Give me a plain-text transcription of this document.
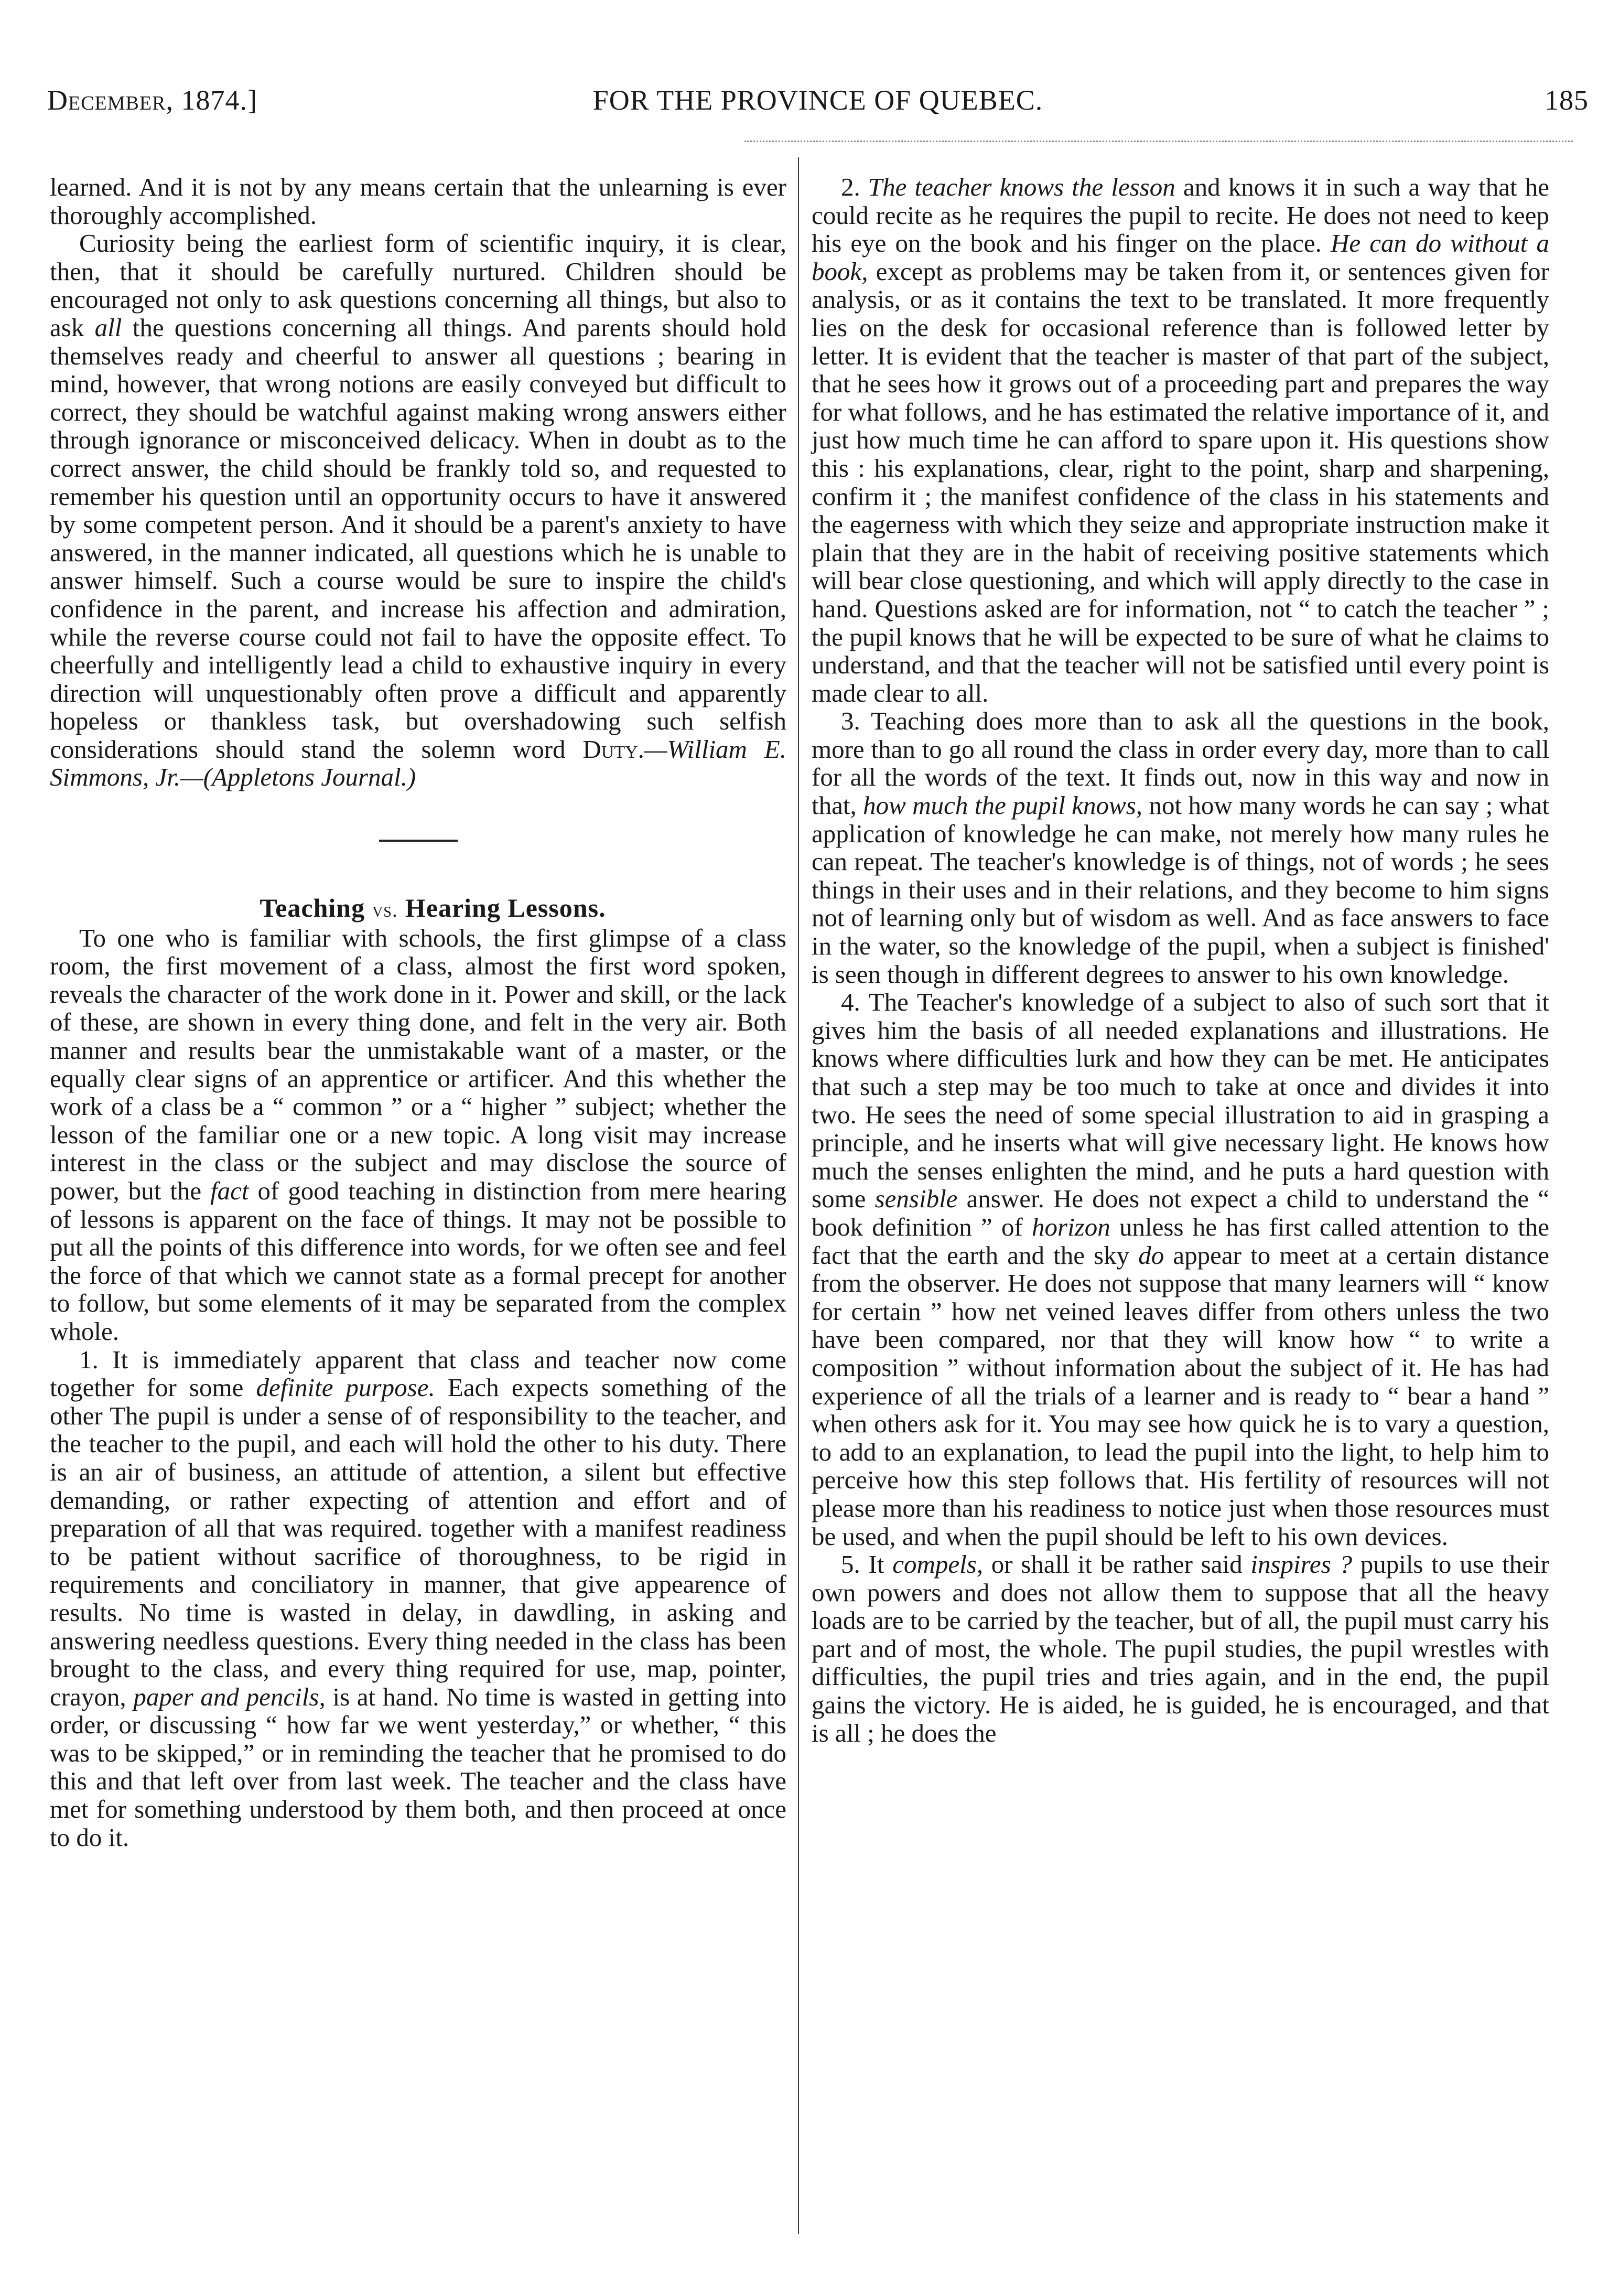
December, 1874.]	FOR THE PROVINCE OF QUEBEC.	185

learned. And it is not by any means certain that the unlearning is ever thoroughly accomplished.

Curiosity being the earliest form of scientific inquiry, it is clear, then, that it should be carefully nurtured. Children should be encouraged not only to ask questions concerning all things, but also to ask all the questions concerning all things. And parents should hold themselves ready and cheerful to answer all questions ; bearing in mind, however, that wrong notions are easily conveyed but difficult to correct, they should be watchful against making wrong answers either through ignorance or misconceived delicacy. When in doubt as to the correct answer, the child should be frankly told so, and requested to remember his question until an opportunity occurs to have it answered by some competent person. And it should be a parent's anxiety to have answered, in the manner indicated, all questions which he is unable to answer himself. Such a course would be sure to inspire the child's confidence in the parent, and increase his affection and admiration, while the reverse course could not fail to have the opposite effect. To cheerfully and intelligently lead a child to exhaustive inquiry in every direction will unquestionably often prove a difficult and apparently hopeless or thankless task, but overshadowing such selfish considerations should stand the solemn word Duty.—William E. Simmons, Jr.—(Appletons Journal.)

Teaching vs. Hearing Lessons.

To one who is familiar with schools, the first glimpse of a class room, the first movement of a class, almost the first word spoken, reveals the character of the work done in it. Power and skill, or the lack of these, are shown in every thing done, and felt in the very air. Both manner and results bear the unmistakable want of a master, or the equally clear signs of an apprentice or artificer. And this whether the work of a class be a “ common ” or a “ higher ” subject; whether the lesson of the familiar one or a new topic. A long visit may increase interest in the class or the subject and may disclose the source of power, but the fact of good teaching in distinction from mere hearing of lessons is apparent on the face of things. It may not be possible to put all the points of this difference into words, for we often see and feel the force of that which we cannot state as a formal precept for another to follow, but some elements of it may be separated from the complex whole.

1. It is immediately apparent that class and teacher now come together for some definite purpose. Each expects something of the other The pupil is under a sense of of responsibility to the teacher, and the teacher to the pupil, and each will hold the other to his duty. There is an air of business, an attitude of attention, a silent but effective demanding, or rather expecting of attention and effort and of preparation of all that was required. together with a manifest readiness to be patient without sacrifice of thoroughness, to be rigid in requirements and conciliatory in manner, that give appearence of results. No time is wasted in delay, in dawdling, in asking and answering needless questions. Every thing needed in the class has been brought to the class, and every thing required for use, map, pointer, crayon, paper and pencils, is at hand. No time is wasted in getting into order, or discussing “ how far we went yesterday,” or whether, “ this was to be skipped,” or in reminding the teacher that he promised to do this and that left over from last week. The teacher and the class have met for something understood by them both, and then proceed at once to do it.

2. The teacher knows the lesson and knows it in such a way that he could recite as he requires the pupil to recite. He does not need to keep his eye on the book and his finger on the place. He can do without a book, except as problems may be taken from it, or sentences given for analysis, or as it contains the text to be translated. It more frequently lies on the desk for occasional reference than is followed letter by letter. It is evident that the teacher is master of that part of the subject, that he sees how it grows out of a proceeding part and prepares the way for what follows, and he has estimated the relative importance of it, and just how much time he can afford to spare upon it. His questions show this : his explanations, clear, right to the point, sharp and sharpening, confirm it ; the manifest confidence of the class in his statements and the eagerness with which they seize and appropriate instruction make it plain that they are in the habit of receiving positive statements which will bear close questioning, and which will apply directly to the case in hand. Questions asked are for information, not “ to catch the teacher ” ; the pupil knows that he will be expected to be sure of what he claims to understand, and that the teacher will not be satisfied until every point is made clear to all.

3. Teaching does more than to ask all the questions in the book, more than to go all round the class in order every day, more than to call for all the words of the text. It finds out, now in this way and now in that, how much the pupil knows, not how many words he can say ; what application of knowledge he can make, not merely how many rules he can repeat. The teacher's knowledge is of things, not of words ; he sees things in their uses and in their relations, and they become to him signs not of learning only but of wisdom as well. And as face answers to face in the water, so the knowledge of the pupil, when a subject is finished' is seen though in different degrees to answer to his own knowledge.

4. The Teacher's knowledge of a subject to also of such sort that it gives him the basis of all needed explanations and illustrations. He knows where difficulties lurk and how they can be met. He anticipates that such a step may be too much to take at once and divides it into two. He sees the need of some special illustration to aid in grasping a principle, and he inserts what will give necessary light. He knows how much the senses enlighten the mind, and he puts a hard question with some sensible answer. He does not expect a child to understand the “ book definition ” of horizon unless he has first called attention to the fact that the earth and the sky do appear to meet at a certain distance from the observer. He does not suppose that many learners will “ know for certain ” how net veined leaves differ from others unless the two have been compared, nor that they will know how “ to write a composition ” without information about the subject of it. He has had experience of all the trials of a learner and is ready to “ bear a hand ” when others ask for it. You may see how quick he is to vary a question, to add to an explanation, to lead the pupil into the light, to help him to perceive how this step follows that. His fertility of resources will not please more than his readiness to notice just when those resources must be used, and when the pupil should be left to his own devices.

5. It compels, or shall it be rather said inspires ? pupils to use their own powers and does not allow them to suppose that all the heavy loads are to be carried by the teacher, but of all, the pupil must carry his part and of most, the whole. The pupil studies, the pupil wrestles with difficulties, the pupil tries and tries again, and in the end, the pupil gains the victory. He is aided, he is guided, he is encouraged, and that is all ; he does the
